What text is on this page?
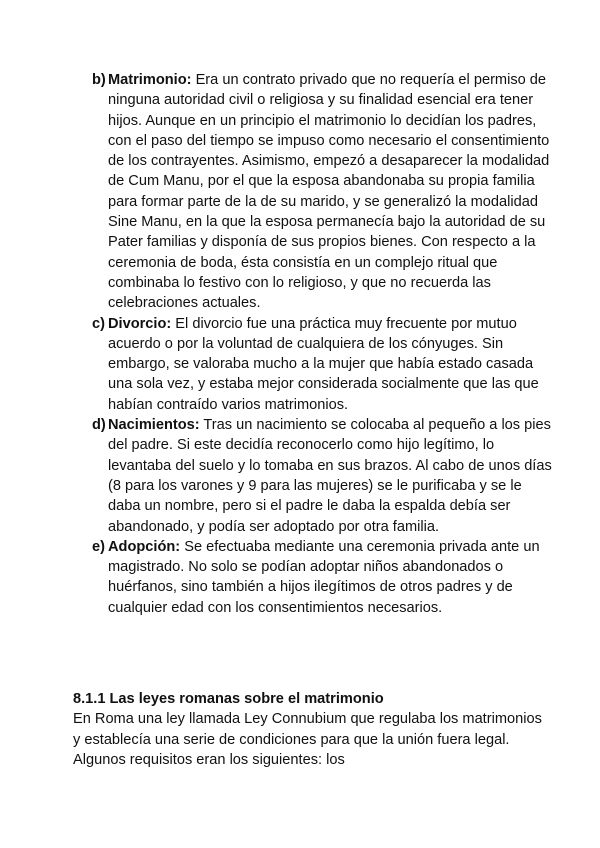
b) Matrimonio: Era un contrato privado que no requería el permiso de ninguna autoridad civil o religiosa y su finalidad esencial era tener hijos. Aunque en un principio el matrimonio lo decidían los padres, con el paso del tiempo se impuso como necesario el consentimiento de los contrayentes. Asimismo, empezó a desaparecer la modalidad de Cum Manu, por el que la esposa abandonaba su propia familia para formar parte de la de su marido, y se generalizó la modalidad Sine Manu, en la que la esposa permanecía bajo la autoridad de su Pater familias y disponía de sus propios bienes. Con respecto a la ceremonia de boda, ésta consistía en un complejo ritual que combinaba lo festivo con lo religioso, y que no recuerda las celebraciones actuales.
c) Divorcio: El divorcio fue una práctica muy frecuente por mutuo acuerdo o por la voluntad de cualquiera de los cónyuges. Sin embargo, se valoraba mucho a la mujer que había estado casada una sola vez, y estaba mejor considerada socialmente que las que habían contraído varios matrimonios.
d) Nacimientos: Tras un nacimiento se colocaba al pequeño a los pies del padre. Si este decidía reconocerlo como hijo legítimo, lo levantaba del suelo y lo tomaba en sus brazos. Al cabo de unos días (8 para los varones y 9 para las mujeres) se le purificaba y se le daba un nombre, pero si el padre le daba la espalda debía ser abandonado, y podía ser adoptado por otra familia.
e) Adopción: Se efectuaba mediante una ceremonia privada ante un magistrado. No solo se podían adoptar niños abandonados o huérfanos, sino también a hijos ilegítimos de otros padres y de cualquier edad con los consentimientos necesarios.
8.1.1 Las leyes romanas sobre el matrimonio

En Roma una ley llamada Ley Connubium que regulaba los matrimonios y establecía una serie de condiciones para que la unión fuera legal. Algunos requisitos eran los siguientes: los
